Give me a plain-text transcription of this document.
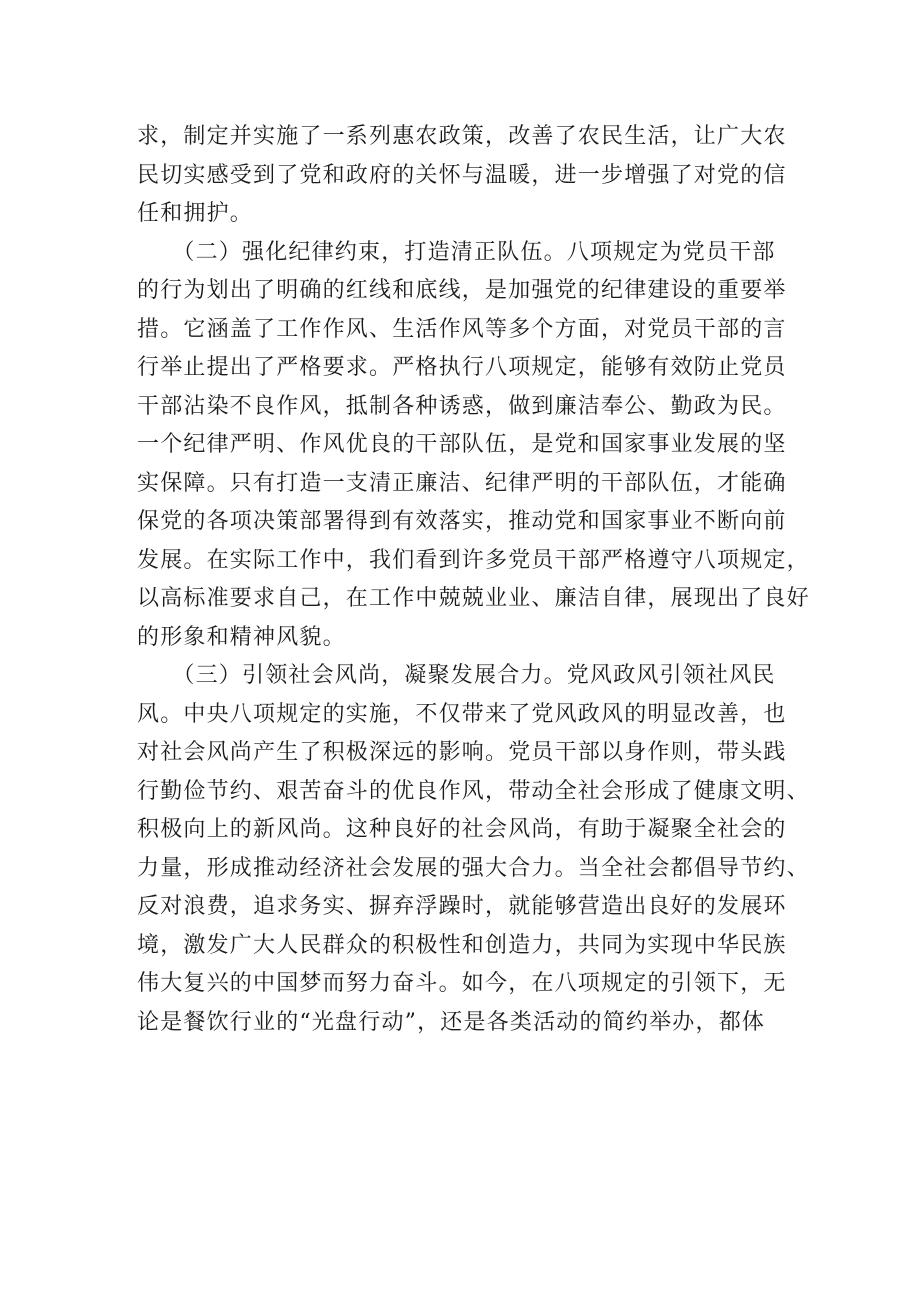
求，制定并实施了一系列惠农政策，改善了农民生活，让广大农
民切实感受到了党和政府的关怀与温暖，进一步增强了对党的信
任和拥护。
　　（二）强化纪律约束，打造清正队伍。八项规定为党员干部
的行为划出了明确的红线和底线，是加强党的纪律建设的重要举
措。它涵盖了工作作风、生活作风等多个方面，对党员干部的言
行举止提出了严格要求。严格执行八项规定，能够有效防止党员
干部沾染不良作风，抵制各种诱惑，做到廉洁奉公、勤政为民。
一个纪律严明、作风优良的干部队伍，是党和国家事业发展的坚
实保障。只有打造一支清正廉洁、纪律严明的干部队伍，才能确
保党的各项决策部署得到有效落实，推动党和国家事业不断向前
发展。在实际工作中，我们看到许多党员干部严格遵守八项规定，
以高标准要求自己，在工作中兢兢业业、廉洁自律，展现出了良好
的形象和精神风貌。
　　（三）引领社会风尚，凝聚发展合力。党风政风引领社风民
风。中央八项规定的实施，不仅带来了党风政风的明显改善，也
对社会风尚产生了积极深远的影响。党员干部以身作则，带头践
行勤俭节约、艰苦奋斗的优良作风，带动全社会形成了健康文明、
积极向上的新风尚。这种良好的社会风尚，有助于凝聚全社会的
力量，形成推动经济社会发展的强大合力。当全社会都倡导节约、
反对浪费，追求务实、摒弃浮躁时，就能够营造出良好的发展环
境，激发广大人民群众的积极性和创造力，共同为实现中华民族
伟大复兴的中国梦而努力奋斗。如今，在八项规定的引领下，无
论是餐饮行业的“光盘行动”，还是各类活动的简约举办，都体
